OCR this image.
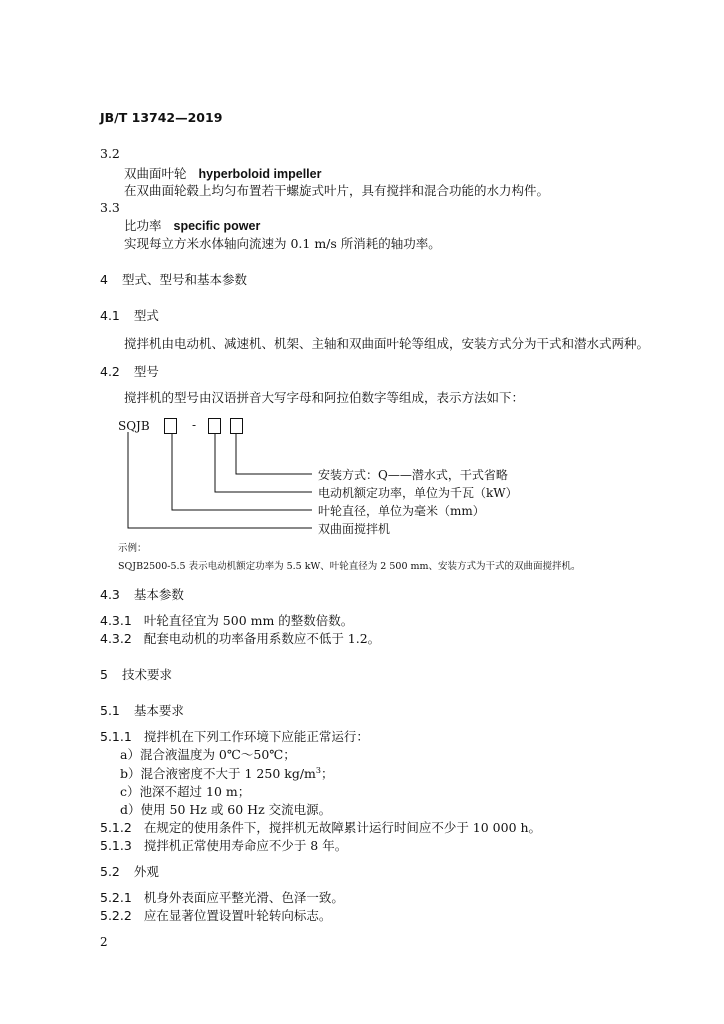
JB/T 13742—2019
3.2
双曲面叶轮 hyperboloid impeller
在双曲面轮毂上均匀布置若干螺旋式叶片，具有搅拌和混合功能的水力构件。
3.3
比功率 specific power
实现每立方米水体轴向流速为 0.1 m/s 所消耗的轴功率。
4 型式、型号和基本参数
4.1 型式
搅拌机由电动机、减速机、机架、主轴和双曲面叶轮等组成，安装方式分为干式和潜水式两种。
4.2 型号
搅拌机的型号由汉语拼音大写字母和阿拉伯数字等组成，表示方法如下：
SQJB	-
安装方式：Q——潜水式，干式省略
电动机额定功率，单位为千瓦（kW）
叶轮直径，单位为毫米（mm）
双曲面搅拌机
示例：
SQJB2500-5.5 表示电动机额定功率为 5.5 kW、叶轮直径为 2 500 mm、安装方式为干式的双曲面搅拌机。
4.3 基本参数
4.3.1 叶轮直径宜为 500 mm 的整数倍数。
4.3.2 配套电动机的功率备用系数应不低于 1.2。
5 技术要求
5.1 基本要求
5.1.1 搅拌机在下列工作环境下应能正常运行：
a）混合液温度为 0℃～50℃；
b）混合液密度不大于 1 250 $kg/m^3$；
c）池深不超过 10 m；
d）使用 50 Hz 或 60 Hz 交流电源。
5.1.2 在规定的使用条件下，搅拌机无故障累计运行时间应不少于 10 000 h。
5.1.3 搅拌机正常使用寿命应不少于 8 年。
5.2 外观
5.2.1 机身外表面应平整光滑、色泽一致。
5.2.2 应在显著位置设置叶轮转向标志。
2
